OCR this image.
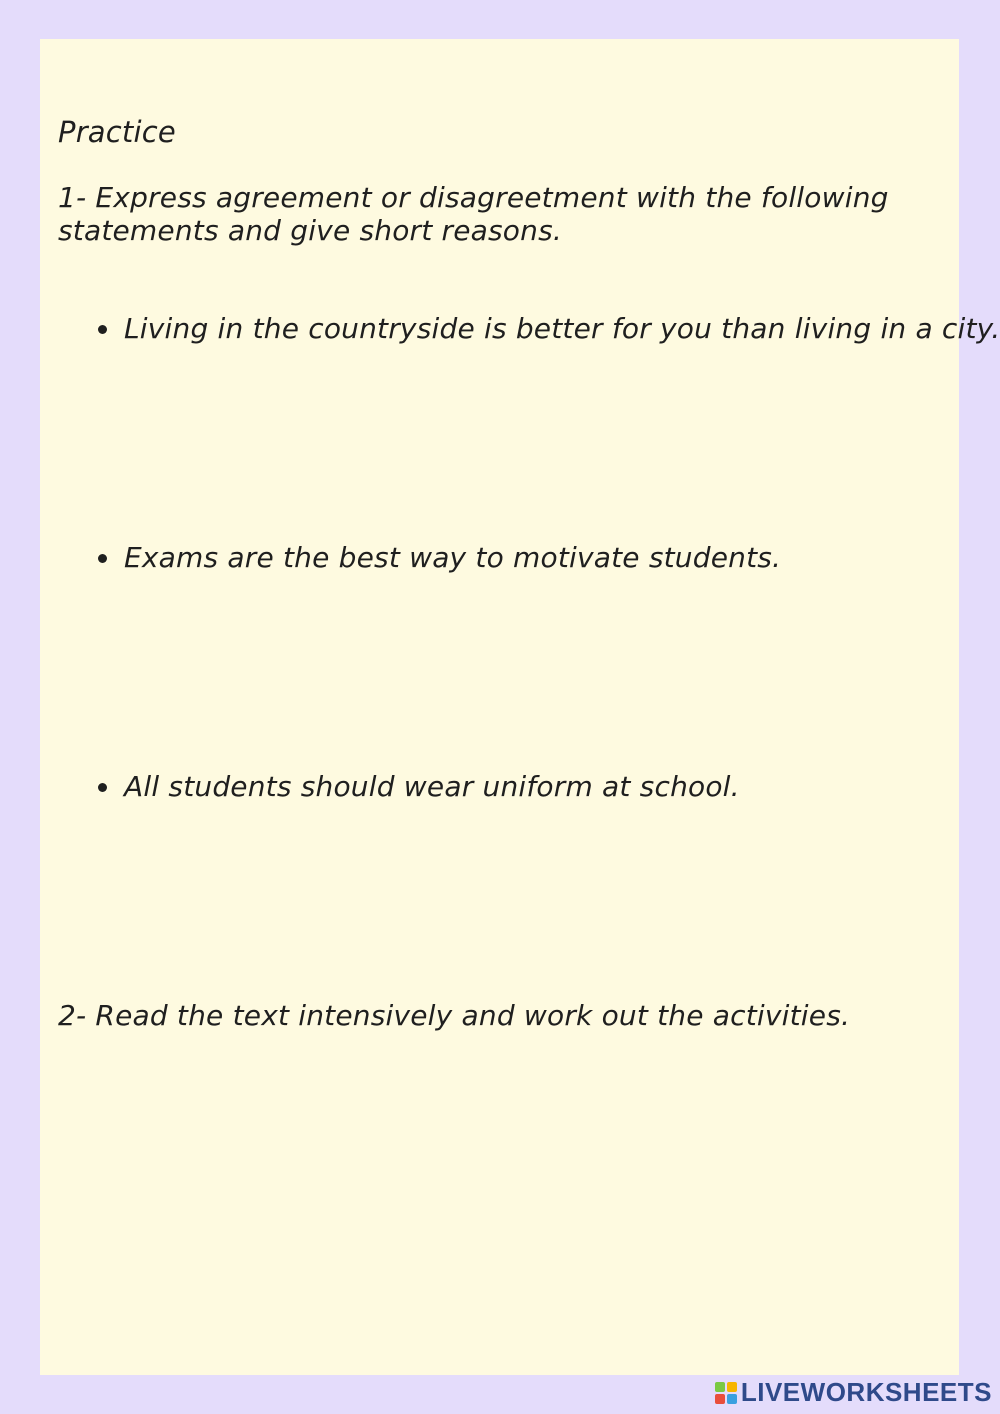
Practice
1- Express agreement or disagreetment with the following statements and give short reasons.
Living in the countryside is better for you than living in a city.
Exams are the best way to motivate students.
All students should wear uniform at school.
2- Read the text intensively and work out the activities.
LIVEWORKSHEETS
